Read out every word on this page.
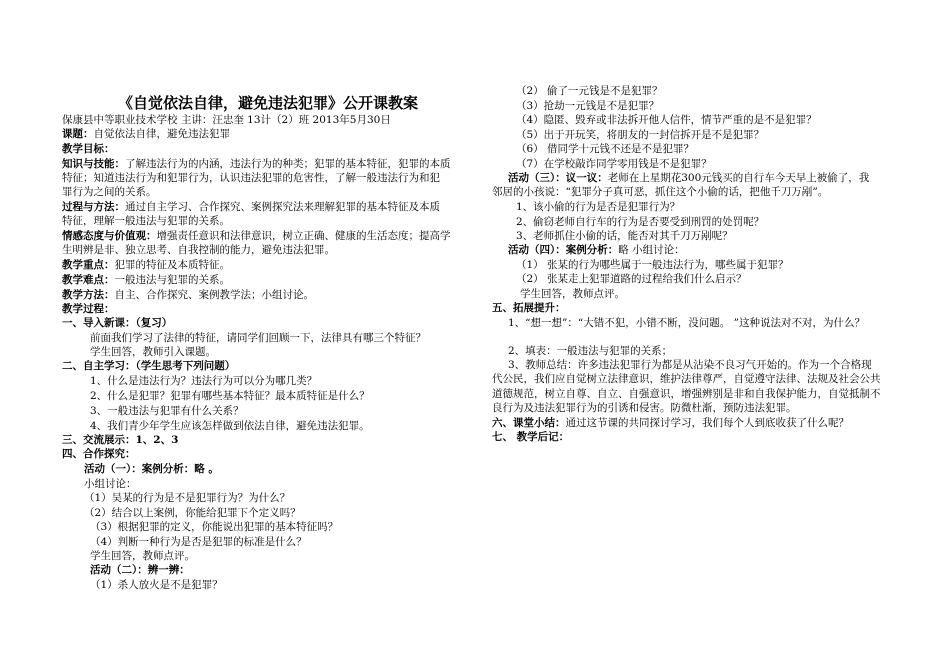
《自觉依法自律，避免违法犯罪》公开课教案
保康县中等职业技术学校 主讲：汪忠奎 13计（2）班 2013年5月30日
课题：自觉依法自律，避免违法犯罪
教学目标：
知识与技能：了解违法行为的内涵，违法行为的种类；犯罪的基本特征，犯罪的本质
特征；知道违法行为和犯罪行为，认识违法犯罪的危害性，了解一般违法行为和犯
罪行为之间的关系。
过程与方法：通过自主学习、合作探究、案例探究法来理解犯罪的基本特征及本质
特征，理解一般违法与犯罪的关系。
情感态度与价值观：增强责任意识和法律意识，树立正确、健康的生活态度；提高学
生明辨是非、独立思考、自我控制的能力，避免违法犯罪。
教学重点：犯罪的特征及本质特征。
教学难点：一般违法与犯罪的关系。
教学方法：自主、合作探究、案例教学法；小组讨论。
教学过程：
一、导入新课：（复习）
前面我们学习了法律的特征，请同学们回顾一下，法律具有哪三个特征？
学生回答，教师引入课题。
二、自主学习：（学生思考下列问题）
1、什么是违法行为？违法行为可以分为哪几类？
2、什么是犯罪？犯罪有哪些基本特征？最本质特征是什么？
3、一般违法与犯罪有什么关系？
4、我们青少年学生应该怎样做到依法自律，避免违法犯罪。
三、交流展示：1、2、3
四、合作探究：
活动（一）：案例分析：略 。
小组讨论：
（1）吴某的行为是不是犯罪行为？为什么？
（2）结合以上案例，你能给犯罪下个定义吗？
（3）根据犯罪的定义，你能说出犯罪的基本特征吗？
（4）判断一种行为是否是犯罪的标准是什么？
学生回答，教师点评。
活动（二）：辨一辨：
（1）杀人放火是不是犯罪？
（2） 偷了一元钱是不是犯罪？
（3）抢劫一元钱是不是犯罪？
（4）隐匿、毁弃或非法拆开他人信件，情节严重的是不是犯罪？
（5）出于开玩笑，将朋友的一封信拆开是不是犯罪？
（6） 借同学十元钱不还是不是犯罪？
（7）在学校敲诈同学零用钱是不是犯罪？
活动（三）：议一议：老师在上星期花300元钱买的自行车今天早上被偷了，我
邻居的小孩说：“犯罪分子真可恶，抓住这个小偷的话，把他千刀万剐”。
1、该小偷的行为是否是犯罪行为？
2、偷窃老师自行车的行为是否要受到刑罚的处罚呢？
3、老师抓住小偷的话，能否对其千刀万剐呢？
活动（四）：案例分析：略 小组讨论：
（1） 张某的行为哪些属于一般违法行为，哪些属于犯罪？
（2） 张某走上犯罪道路的过程给我们什么启示？
学生回答，教师点评。
五、拓展提升：
1、“想一想”：“大错不犯，小错不断，没问题。 ”这种说法对不对，为什么？
2、填表：一般违法与犯罪的关系；
3、教师总结：许多违法犯罪行为都是从沾染不良习气开始的。作为一个合格现
代公民，我们应自觉树立法律意识，维护法律尊严，自觉遵守法律、法规及社会公共
道德规范，树立自尊、自立、自强意识，增强辨别是非和自我保护能力，自觉抵制不
良行为及违法犯罪行为的引诱和侵害。防微杜渐，预防违法犯罪。
六、课堂小结：通过这节课的共同探讨学习，我们每个人到底收获了什么呢？
七、 教学后记：
